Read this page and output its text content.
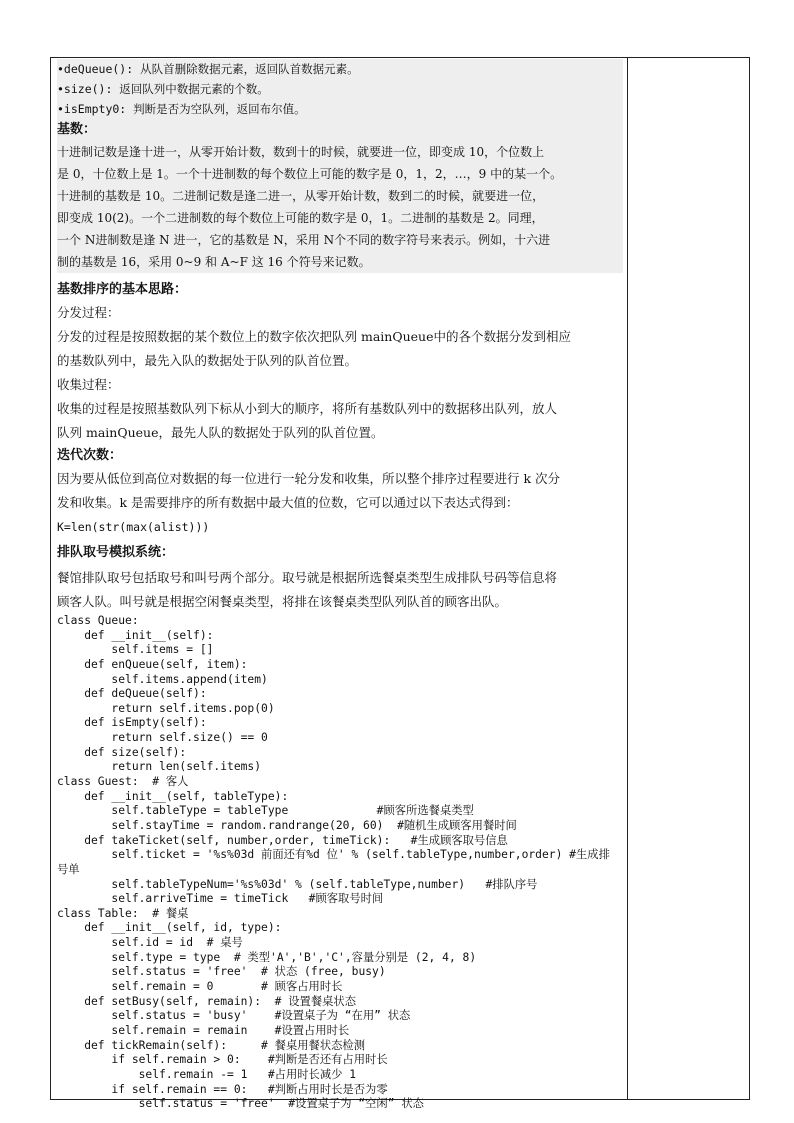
•deQueue(): 从队首删除数据元素，返回队首数据元素。
•size(): 返回队列中数据元素的个数。
•isEmpty0: 判断是否为空队列，返回布尔值。
基数：
十进制记数是逢十进一，从零开始计数，数到十的时候，就要进一位，即变成 10，个位数上
是 0，十位数上是 1。一个十进制数的每个数位上可能的数字是 0，1，2，…，9 中的某一个。
十进制的基数是 10。二进制记数是逢二进一，从零开始计数，数到二的时候，就要进一位，
即变成 10(2)。一个二进制数的每个数位上可能的数字是 0，1。二进制的基数是 2。同理，
一个 N进制数是逢 N 进一，它的基数是 N，采用 N个不同的数字符号来表示。例如，十六进
制的基数是 16，采用 0~9 和 A~F 这 16 个符号来记数。
基数排序的基本思路：
分发过程：
分发的过程是按照数据的某个数位上的数字依次把队列 mainQueue中的各个数据分发到相应
的基数队列中，最先入队的数据处于队列的队首位置。
收集过程：
收集的过程是按照基数队列下标从小到大的顺序，将所有基数队列中的数据移出队列，放人
队列 mainQueue，最先人队的数据处于队列的队首位置。
迭代次数：
因为要从低位到高位对数据的每一位进行一轮分发和收集，所以整个排序过程要进行 k 次分
发和收集。k 是需要排序的所有数据中最大值的位数，它可以通过以下表达式得到：
K=len(str(max(alist)))
排队取号模拟系统：
餐馆排队取号包括取号和叫号两个部分。取号就是根据所选餐桌类型生成排队号码等信息将
顾客人队。叫号就是根据空闲餐桌类型，将排在该餐桌类型队列队首的顾客出队。
class Queue:
def __init__(self):
self.items = []
def enQueue(self, item):
self.items.append(item)
def deQueue(self):
return self.items.pop(0)
def isEmpty(self):
return self.size() == 0
def size(self):
return len(self.items)
class Guest:  # 客人
def __init__(self, tableType):
self.tableType = tableType             #顾客所选餐桌类型
self.stayTime = random.randrange(20, 60)  #随机生成顾客用餐时间
def takeTicket(self, number,order, timeTick):   #生成顾客取号信息
self.ticket = '%s%03d 前面还有%d 位' % (self.tableType,number,order) #生成排
号单
self.tableTypeNum='%s%03d' % (self.tableType,number)   #排队序号
self.arriveTime = timeTick   #顾客取号时间
class Table:  # 餐桌
def __init__(self, id, type):
self.id = id  # 桌号
self.type = type  # 类型'A','B','C',容量分别是 (2, 4, 8)
self.status = 'free'  # 状态 (free, busy)
self.remain = 0       # 顾客占用时长
def setBusy(self, remain):  # 设置餐桌状态
self.status = 'busy'    #设置桌子为 “在用” 状态
self.remain = remain    #设置占用时长
def tickRemain(self):     # 餐桌用餐状态检测
if self.remain > 0:    #判断是否还有占用时长
self.remain -= 1   #占用时长减少 1
if self.remain == 0:   #判断占用时长是否为零
self.status = 'free'  #设置桌子为 “空闲” 状态
